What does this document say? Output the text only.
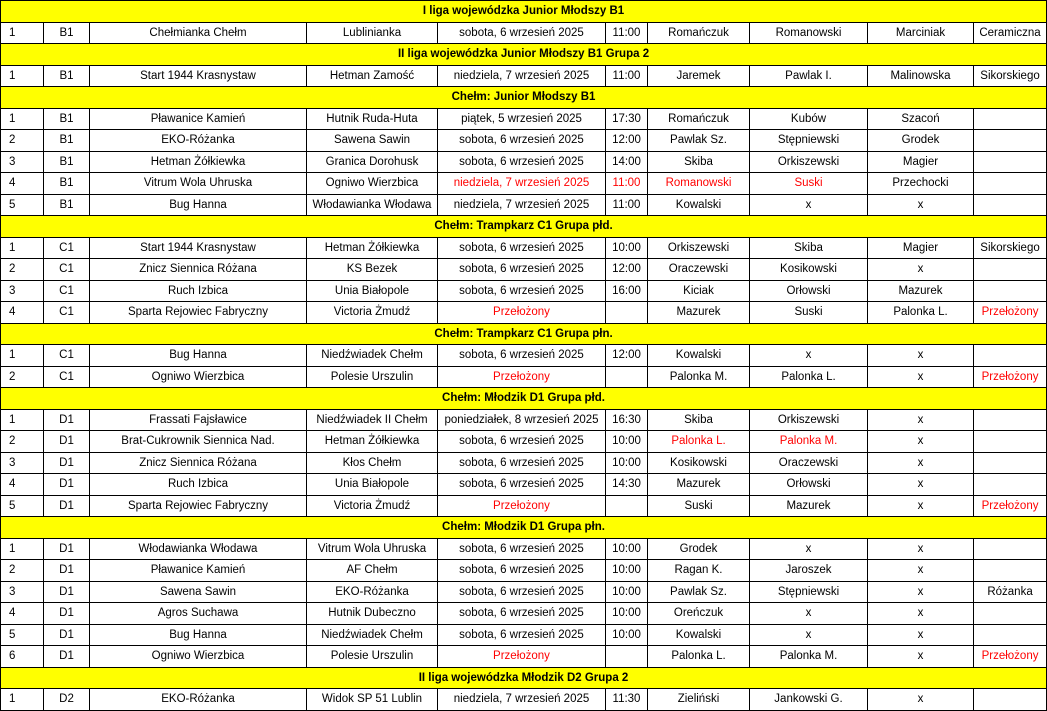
I liga wojewódzka Junior Młodszy B1									
1	B1	Chełmianka Chełm	Lublinianka	sobota, 6 wrzesień 2025	11:00	Romańczuk	Romanowski	Marciniak	Ceramiczna
II liga wojewódzka Junior Młodszy B1 Grupa 2									
1	B1	Start 1944 Krasnystaw	Hetman Zamość	niedziela, 7 wrzesień 2025	11:00	Jaremek	Pawlak I.	Malinowska	Sikorskiego
Chełm: Junior Młodszy B1									
1	B1	Pławanice Kamień	Hutnik Ruda-Huta	piątek, 5 wrzesień 2025	17:30	Romańczuk	Kubów	Szacoń	
2	B1	EKO-Różanka	Sawena Sawin	sobota, 6 wrzesień 2025	12:00	Pawlak Sz.	Stępniewski	Grodek	
3	B1	Hetman Żółkiewka	Granica Dorohusk	sobota, 6 wrzesień 2025	14:00	Skiba	Orkiszewski	Magier	
4	B1	Vitrum Wola Uhruska	Ogniwo Wierzbica	niedziela, 7 wrzesień 2025	11:00	Romanowski	Suski	Przechocki	
5	B1	Bug Hanna	Włodawianka Włodawa	niedziela, 7 wrzesień 2025	11:00	Kowalski	x	x	
Chełm: Trampkarz C1 Grupa płd.									
1	C1	Start 1944 Krasnystaw	Hetman Żółkiewka	sobota, 6 wrzesień 2025	10:00	Orkiszewski	Skiba	Magier	Sikorskiego
2	C1	Znicz Siennica Różana	KS Bezek	sobota, 6 wrzesień 2025	12:00	Oraczewski	Kosikowski	x	
3	C1	Ruch Izbica	Unia Białopole	sobota, 6 wrzesień 2025	16:00	Kiciak	Orłowski	Mazurek	
4	C1	Sparta Rejowiec Fabryczny	Victoria Żmudź	Przełożony		Mazurek	Suski	Palonka L.	Przełożony
Chełm: Trampkarz C1 Grupa płn.									
1	C1	Bug Hanna	Niedźwiadek Chełm	sobota, 6 wrzesień 2025	12:00	Kowalski	x	x	
2	C1	Ogniwo Wierzbica	Polesie Urszulin	Przełożony		Palonka M.	Palonka L.	x	Przełożony
Chełm: Młodzik D1 Grupa płd.									
1	D1	Frassati Fajsławice	Niedźwiadek II Chełm	poniedziałek, 8 wrzesień 2025	16:30	Skiba	Orkiszewski	x	
2	D1	Brat-Cukrownik Siennica Nad.	Hetman Żółkiewka	sobota, 6 wrzesień 2025	10:00	Palonka L.	Palonka M.	x	
3	D1	Znicz Siennica Różana	Kłos Chełm	sobota, 6 wrzesień 2025	10:00	Kosikowski	Oraczewski	x	
4	D1	Ruch Izbica	Unia Białopole	sobota, 6 wrzesień 2025	14:30	Mazurek	Orłowski	x	
5	D1	Sparta Rejowiec Fabryczny	Victoria Żmudź	Przełożony		Suski	Mazurek	x	Przełożony
Chełm: Młodzik D1 Grupa płn.									
1	D1	Włodawianka Włodawa	Vitrum Wola Uhruska	sobota, 6 wrzesień 2025	10:00	Grodek	x	x	
2	D1	Pławanice Kamień	AF Chełm	sobota, 6 wrzesień 2025	10:00	Ragan K.	Jaroszek	x	
3	D1	Sawena Sawin	EKO-Różanka	sobota, 6 wrzesień 2025	10:00	Pawlak Sz.	Stępniewski	x	Różanka
4	D1	Agros Suchawa	Hutnik Dubeczno	sobota, 6 wrzesień 2025	10:00	Oreńczuk	x	x	
5	D1	Bug Hanna	Niedźwiadek Chełm	sobota, 6 wrzesień 2025	10:00	Kowalski	x	x	
6	D1	Ogniwo Wierzbica	Polesie Urszulin	Przełożony		Palonka L.	Palonka M.	x	Przełożony
II liga wojewódzka Młodzik D2 Grupa 2									
1	D2	EKO-Różanka	Widok SP 51 Lublin	niedziela, 7 wrzesień 2025	11:30	Zieliński	Jankowski G.	x	
